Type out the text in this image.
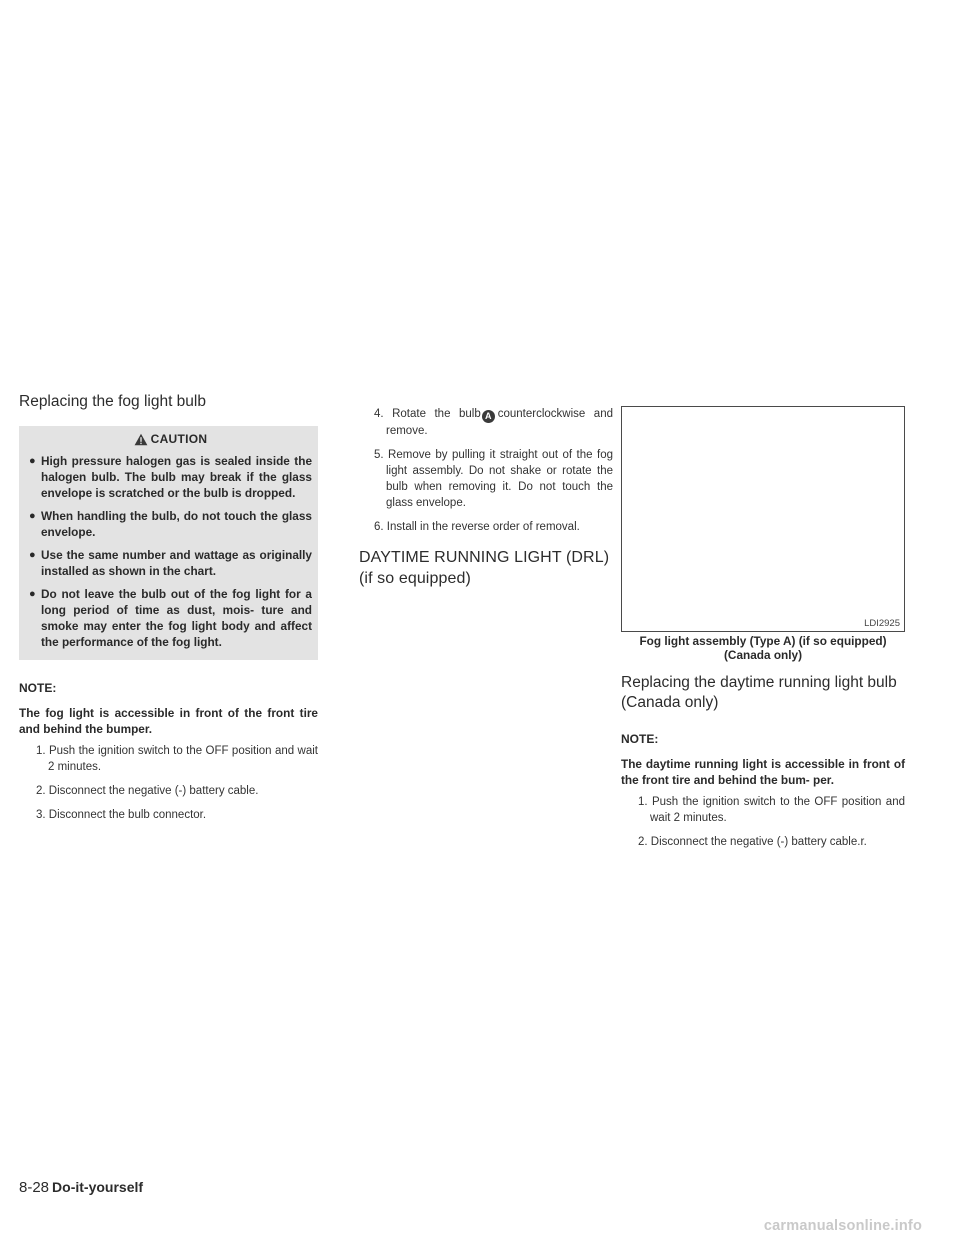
Replacing the fog light bulb
CAUTION
● High pressure halogen gas is sealed inside the halogen bulb. The bulb may break if the glass envelope is scratched or the bulb is dropped.
● When handling the bulb, do not touch the glass envelope.
● Use the same number and wattage as originally installed as shown in the chart.
● Do not leave the bulb out of the fog light for a long period of time as dust, mois- ture and smoke may enter the fog light body and affect the performance of the fog light.

NOTE:

The fog light is accessible in front of the front tire and behind the bumper.

1. Push the ignition switch to the OFF position and wait 2 minutes.
2. Disconnect the negative (-) battery cable.
3. Disconnect the bulb connector.
4. Rotate the bulb A counterclockwise and remove.
5. Remove by pulling it straight out of the fog light assembly. Do not shake or rotate the bulb when removing it. Do not touch the glass envelope.
6. Install in the reverse order of removal.
DAYTIME RUNNING LIGHT (DRL) (if so equipped)
LDI2925

Fog light assembly (Type A) (if so equipped) (Canada only)

Replacing the daytime running light bulb (Canada only)

NOTE:

The daytime running light is accessible in front of the front tire and behind the bum- per.

1. Push the ignition switch to the OFF position and wait 2 minutes.
2. Disconnect the negative (-) battery cable.r.
8-28 Do-it-yourself
carmanualsonline.info
